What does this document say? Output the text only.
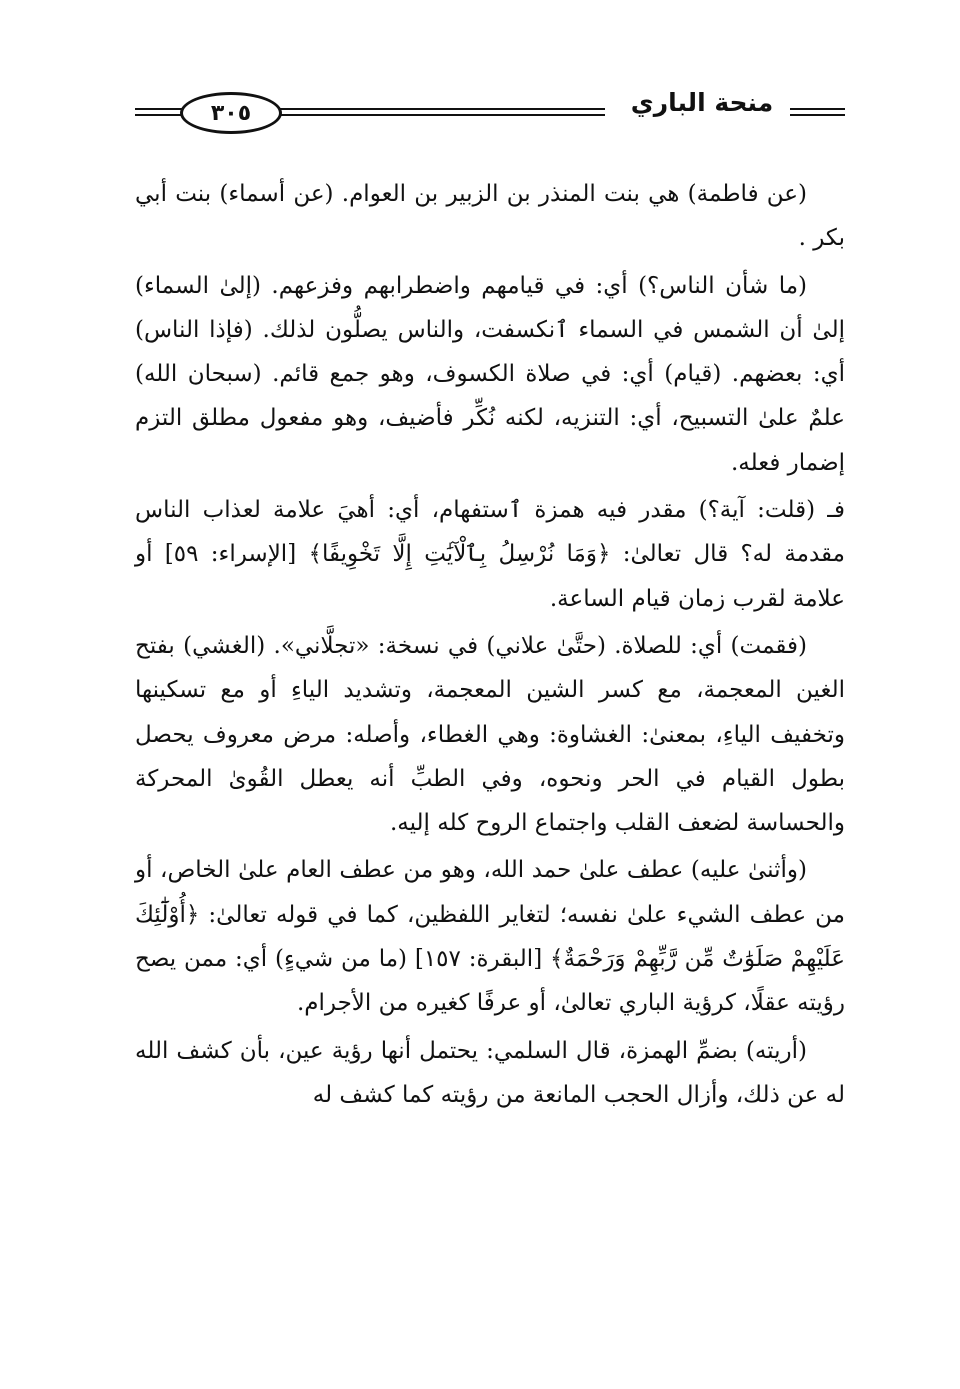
٣٠٥	منحة الباري

(عن فاطمة) هي بنت المنذر بن الزبير بن العوام. (عن أسماء) بنت أبي بكر .

(ما شأن الناس؟) أي: في قيامهم واضطرابهم وفزعهم. (إلىٰ السماء) إلىٰ أن الشمس في السماء ٱنكسفت، والناس يصلُّون لذلك. (فإذا الناس) أي: بعضهم. (قيام) أي: في صلاة الكسوف، وهو جمع قائم. (سبحان الله) علمٌ علىٰ التسبيح، أي: التنزيه، لكنه نُكِّر فأضيف، وهو مفعول مطلق التزم إضمار فعله.

فـ (قلت: آية؟) مقدر فيه همزة ٱستفهام، أي: أهيَ علامة لعذاب الناس مقدمة له؟ قال تعالىٰ: ﴿وَمَا نُرْسِلُ بِٱلْآيَٰتِ إِلَّا تَخْوِيفًا﴾ [الإسراء: ٥٩] أو علامة لقرب زمان قيام الساعة.

(فقمت) أي: للصلاة. (حتَّىٰ علاني) في نسخة: «تجلَّاني». (الغشي) بفتح الغين المعجمة، مع كسر الشين المعجمة، وتشديد الياءِ أو مع تسكينها وتخفيف الياءِ، بمعنىٰ: الغشاوة: وهي الغطاء، وأصله: مرض معروف يحصل بطول القيام في الحر ونحوه، وفي الطبِّ أنه يعطل القُوىٰ المحركة والحساسة لضعف القلب واجتماع الروح كله إليه.

(وأثنىٰ عليه) عطف علىٰ حمد الله، وهو من عطف العام علىٰ الخاص، أو من عطف الشيء علىٰ نفسه؛ لتغاير اللفظين، كما في قوله تعالىٰ: ﴿أُوْلَٰٓئِكَ عَلَيْهِمْ صَلَوَٰتٌ مِّن رَّبِّهِمْ وَرَحْمَةٌ﴾ [البقرة: ١٥٧] (ما من شيءٍ) أي: ممن يصح رؤيته عقلًا، كرؤية الباري تعالىٰ، أو عرفًا كغيره من الأجرام.

(أريته) بضمِّ الهمزة، قال السلمي: يحتمل أنها رؤية عين، بأن كشف الله له عن ذلك، وأزال الحجب المانعة من رؤيته كما كشف له
